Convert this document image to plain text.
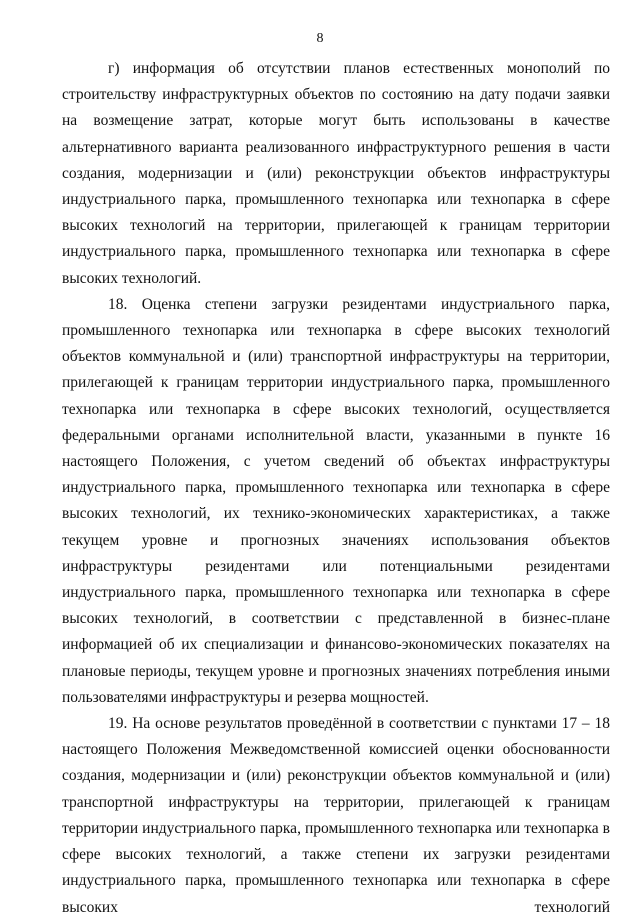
8

г) информация об отсутствии планов естественных монополий по строительству инфраструктурных объектов по состоянию на дату подачи заявки на возмещение затрат, которые могут быть использованы в качестве альтернативного варианта реализованного инфраструктурного решения в части создания, модернизации и (или) реконструкции объектов инфраструктуры индустриального парка, промышленного технопарка или технопарка в сфере высоких технологий на территории, прилегающей к границам территории индустриального парка, промышленного технопарка или технопарка в сфере высоких технологий.

18. Оценка степени загрузки резидентами индустриального парка, промышленного технопарка или технопарка в сфере высоких технологий объектов коммунальной и (или) транспортной инфраструктуры на территории, прилегающей к границам территории индустриального парка, промышленного технопарка или технопарка в сфере высоких технологий, осуществляется федеральными органами исполнительной власти, указанными в пункте 16 настоящего Положения, с учетом сведений об объектах инфраструктуры индустриального парка, промышленного технопарка или технопарка в сфере высоких технологий, их технико-экономических характеристиках, а также текущем уровне и прогнозных значениях использования объектов инфраструктуры резидентами или потенциальными резидентами индустриального парка, промышленного технопарка или технопарка в сфере высоких технологий, в соответствии с представленной в бизнес-плане информацией об их специализации и финансово-экономических показателях на плановые периоды, текущем уровне и прогнозных значениях потребления иными пользователями инфраструктуры и резерва мощностей.

19. На основе результатов проведённой в соответствии с пунктами 17 – 18 настоящего Положения Межведомственной комиссией оценки обоснованности создания, модернизации и (или) реконструкции объектов коммунальной и (или) транспортной инфраструктуры на территории, прилегающей к границам территории индустриального парка, промышленного технопарка или технопарка в сфере высоких технологий, а также степени их загрузки резидентами индустриального парка, промышленного технопарка или технопарка в сфере высоких технологий
